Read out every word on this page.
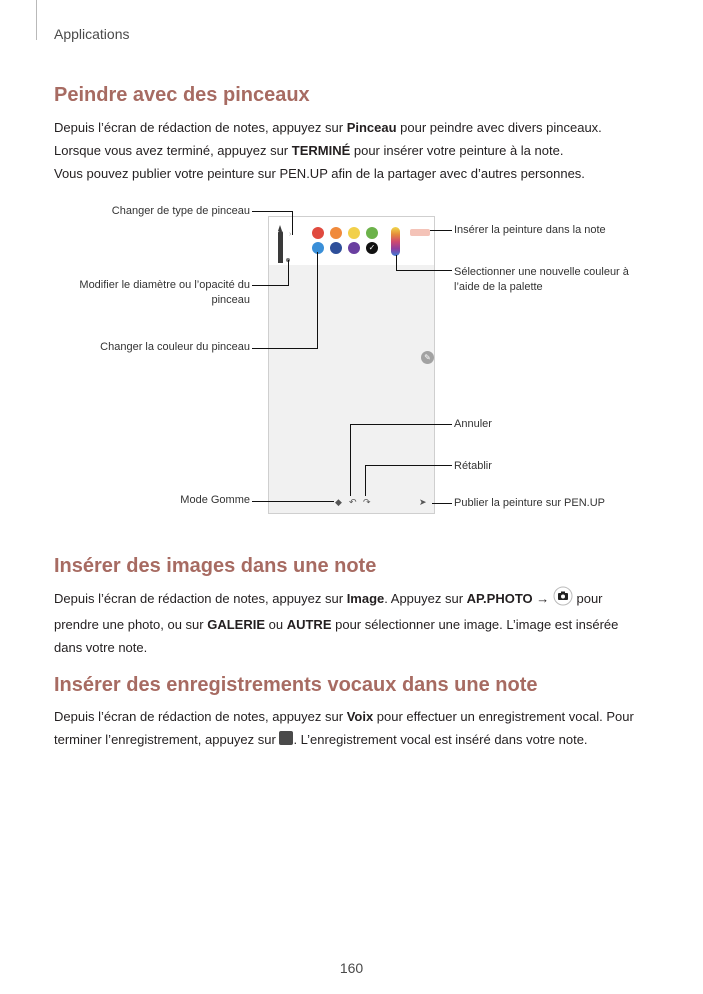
Applications
Peindre avec des pinceaux

Depuis l’écran de rédaction de notes, appuyez sur Pinceau pour peindre avec divers pinceaux.

Lorsque vous avez terminé, appuyez sur TERMINÉ pour insérer votre peinture à la note.

Vous pouvez publier votre peinture sur PEN.UP afin de la partager avec d’autres personnes.

›
✓
✎
◆ ↶ ↷	➤
Changer de type de pinceau
Modifier le diamètre ou l’opacité du
pinceau
Changer la couleur du pinceau
Mode Gomme
Insérer la peinture dans la note
Sélectionner une nouvelle couleur à
l’aide de la palette
Annuler
Rétablir
Publier la peinture sur PEN.UP
Insérer des images dans une note

Depuis l’écran de rédaction de notes, appuyez sur Image. Appuyez sur AP.PHOTO →  pour

prendre une photo, ou sur GALERIE ou AUTRE pour sélectionner une image. L’image est insérée

dans votre note.

Insérer des enregistrements vocaux dans une note

Depuis l’écran de rédaction de notes, appuyez sur Voix pour effectuer un enregistrement vocal. Pour

terminer l’enregistrement, appuyez sur . L’enregistrement vocal est inséré dans votre note.

160
